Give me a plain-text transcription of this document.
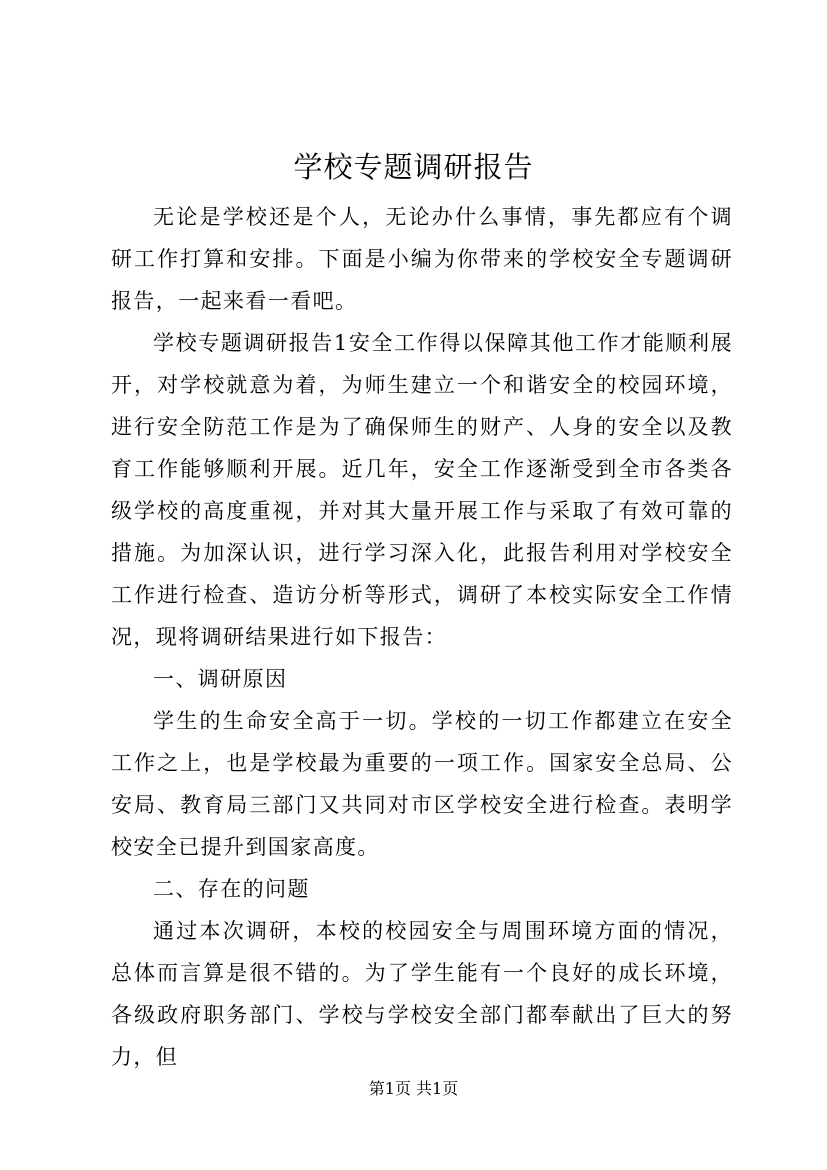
学校专题调研报告

无论是学校还是个人，无论办什么事情，事先都应有个调研工作打算和安排。下面是小编为你带来的学校安全专题调研报告，一起来看一看吧。

学校专题调研报告1安全工作得以保障其他工作才能顺利展开，对学校就意为着，为师生建立一个和谐安全的校园环境，进行安全防范工作是为了确保师生的财产、人身的安全以及教育工作能够顺利开展。近几年，安全工作逐渐受到全市各类各级学校的高度重视，并对其大量开展工作与采取了有效可靠的措施。为加深认识，进行学习深入化，此报告利用对学校安全工作进行检查、造访分析等形式，调研了本校实际安全工作情况，现将调研结果进行如下报告：

一、调研原因

学生的生命安全高于一切。学校的一切工作都建立在安全工作之上，也是学校最为重要的一项工作。国家安全总局、公安局、教育局三部门又共同对市区学校安全进行检查。表明学校安全已提升到国家高度。

二、存在的问题

通过本次调研，本校的校园安全与周围环境方面的情况，总体而言算是很不错的。为了学生能有一个良好的成长环境，各级政府职务部门、学校与学校安全部门都奉献出了巨大的努力，但

第1页 共1页
